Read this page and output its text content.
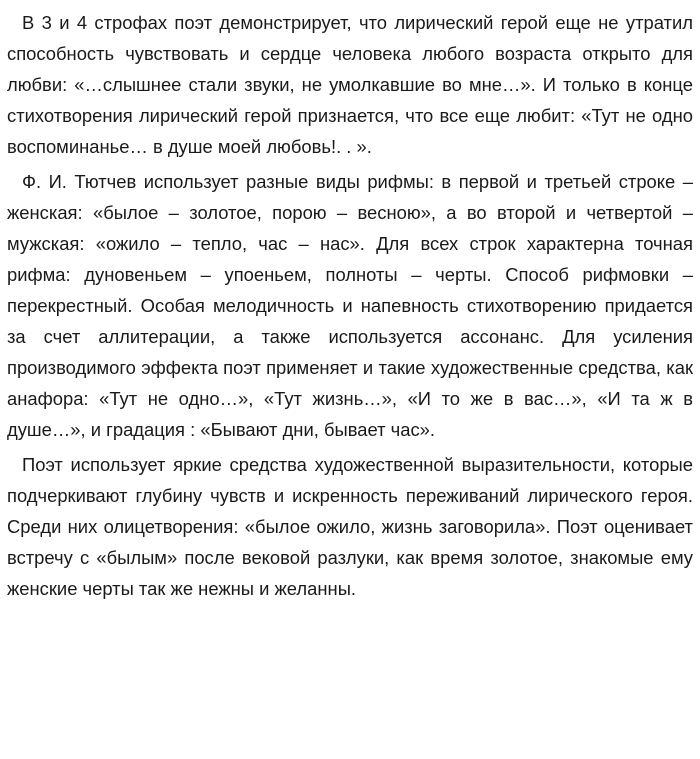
В 3 и 4 строфах поэт демонстрирует, что лирический герой еще не утратил способность чувствовать и сердце человека любого возраста открыто для любви: «…слышнее стали звуки, не умолкавшие во мне…». И только в конце стихотворения лирический герой признается, что все еще любит: «Тут не одно воспоминанье… в душе моей любовь!. . ».

Ф. И. Тютчев использует разные виды рифмы: в первой и третьей строке – женская: «былое – золотое, порою – весною», а во второй и четвертой – мужская: «ожило – тепло, час – нас». Для всех строк характерна точная рифма: дуновеньем – упоеньем, полноты – черты. Способ рифмовки – перекрестный. Особая мелодичность и напевность стихотворению придается за счет аллитерации, а также используется ассонанс. Для усиления производимого эффекта поэт применяет и такие художественные средства, как анафора: «Тут не одно…», «Тут жизнь…», «И то же в вас…», «И та ж в душе…», и градация : «Бывают дни, бывает час».

Поэт использует яркие средства художественной выразительности, которые подчеркивают глубину чувств и искренность переживаний лирического героя. Среди них олицетворения: «былое ожило, жизнь заговорила». Поэт оценивает встречу с «былым» после вековой разлуки, как время золотое, знакомые ему женские черты так же нежны и желанны.
